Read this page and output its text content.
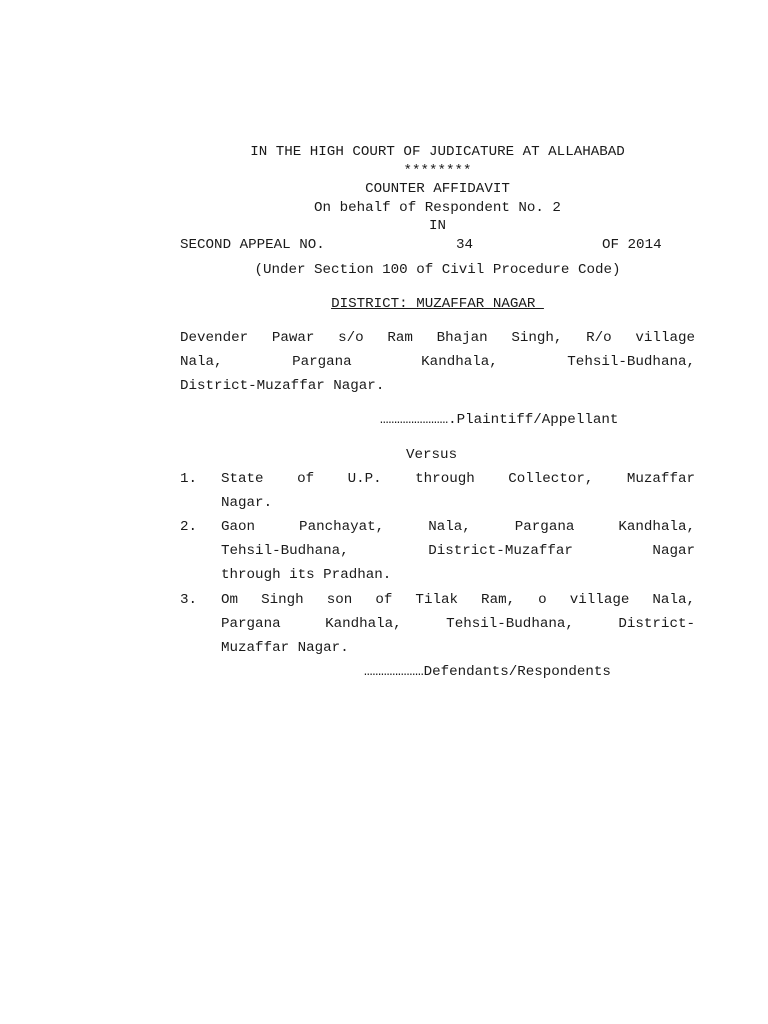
IN THE HIGH COURT OF JUDICATURE AT ALLAHABAD
********
COUNTER AFFIDAVIT
On behalf of Respondent No. 2
IN
SECOND APPEAL NO.	34	OF 2014
(Under Section 100 of Civil Procedure Code)
DISTRICT: MUZAFFAR NAGAR
Devender Pawar s/o Ram Bhajan Singh, R/o village
Nala, Pargana Kandhala, Tehsil-Budhana,
District-Muzaffar Nagar.
…………………….Plaintiff/Appellant
Versus
1. State of U.P. through Collector, Muzaffar
Nagar.
2. Gaon Panchayat, Nala, Pargana Kandhala,
Tehsil-Budhana, District-Muzaffar Nagar
through its Pradhan.
3. Om Singh son of Tilak Ram, o village Nala,
Pargana Kandhala, Tehsil-Budhana, District-
Muzaffar Nagar.
…………………Defendants/Respondents
